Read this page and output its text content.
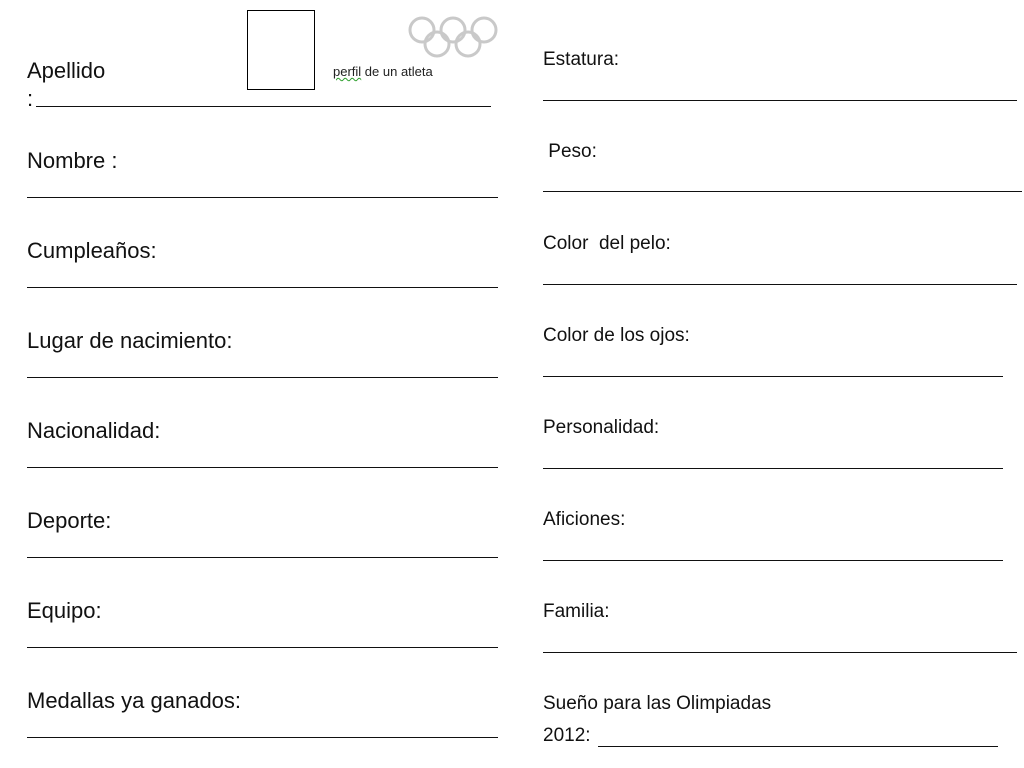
perfil de un atleta
Apellido
:
Nombre :
Cumpleaños:
Lugar de nacimiento:
Nacionalidad:
Deporte:
Equipo:
Medallas ya ganados:
Estatura:
Peso:
Color  del pelo:
Color de los ojos:
Personalidad:
Aficiones:
Familia:
Sueño para las Olimpiadas
2012:
